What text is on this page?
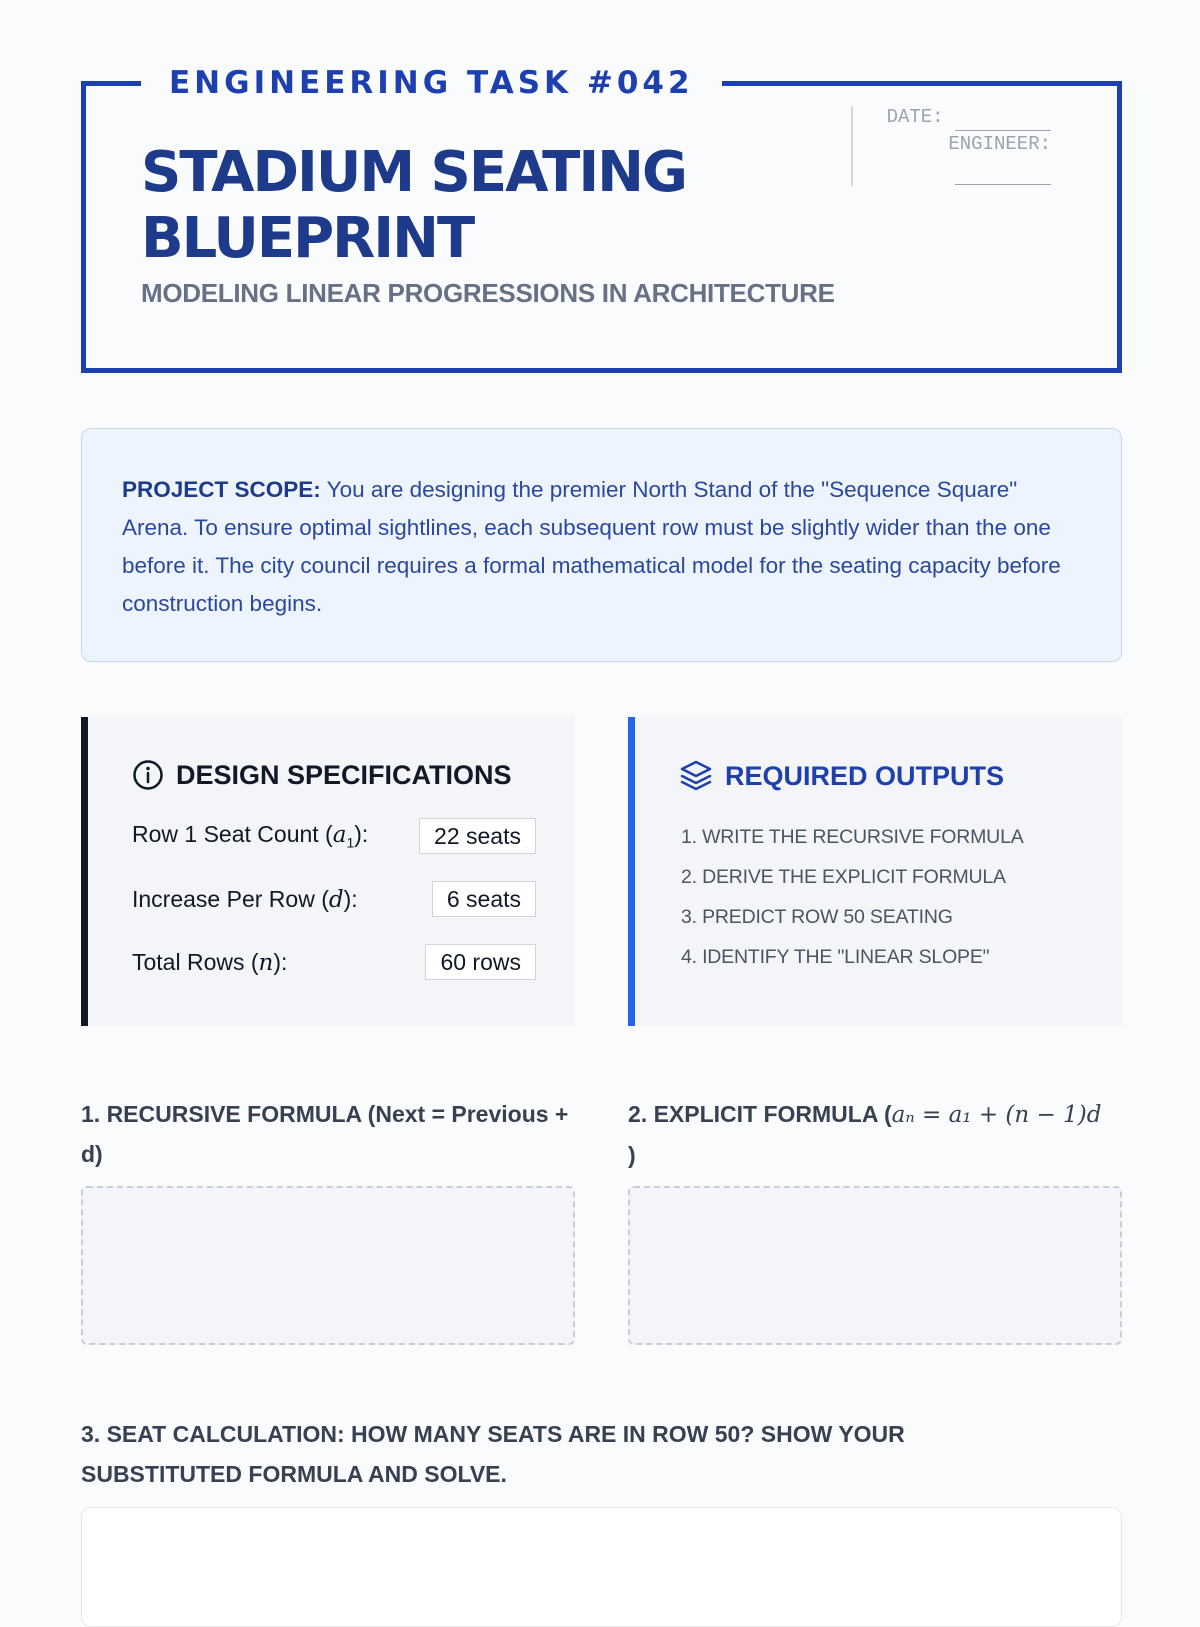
ENGINEERING TASK #042
STADIUM SEATING
BLUEPRINT
MODELING LINEAR PROGRESSIONS IN ARCHITECTURE
DATE:
ENGINEER:

PROJECT SCOPE: You are designing the premier North Stand of the "Sequence Square" Arena. To ensure optimal sightlines, each subsequent row must be slightly wider than the one before it. The city council requires a formal mathematical model for the seating capacity before construction begins.
DESIGN SPECIFICATIONS
Row 1 Seat Count $(a_1)$:	22 seats
Increase Per Row (d):	6 seats
Total Rows (n):	60 rows
REQUIRED OUTPUTS
1. WRITE THE RECURSIVE FORMULA
2. DERIVE THE EXPLICIT FORMULA
3. PREDICT ROW 50 SEATING
4. IDENTIFY THE "LINEAR SLOPE"
1. RECURSIVE FORMULA (Next = Previous + d)
2. EXPLICIT FORMULA (aₙ = a₁ + (n − 1)d
)
3. SEAT CALCULATION: HOW MANY SEATS ARE IN ROW 50? SHOW YOUR SUBSTITUTED FORMULA AND SOLVE.
